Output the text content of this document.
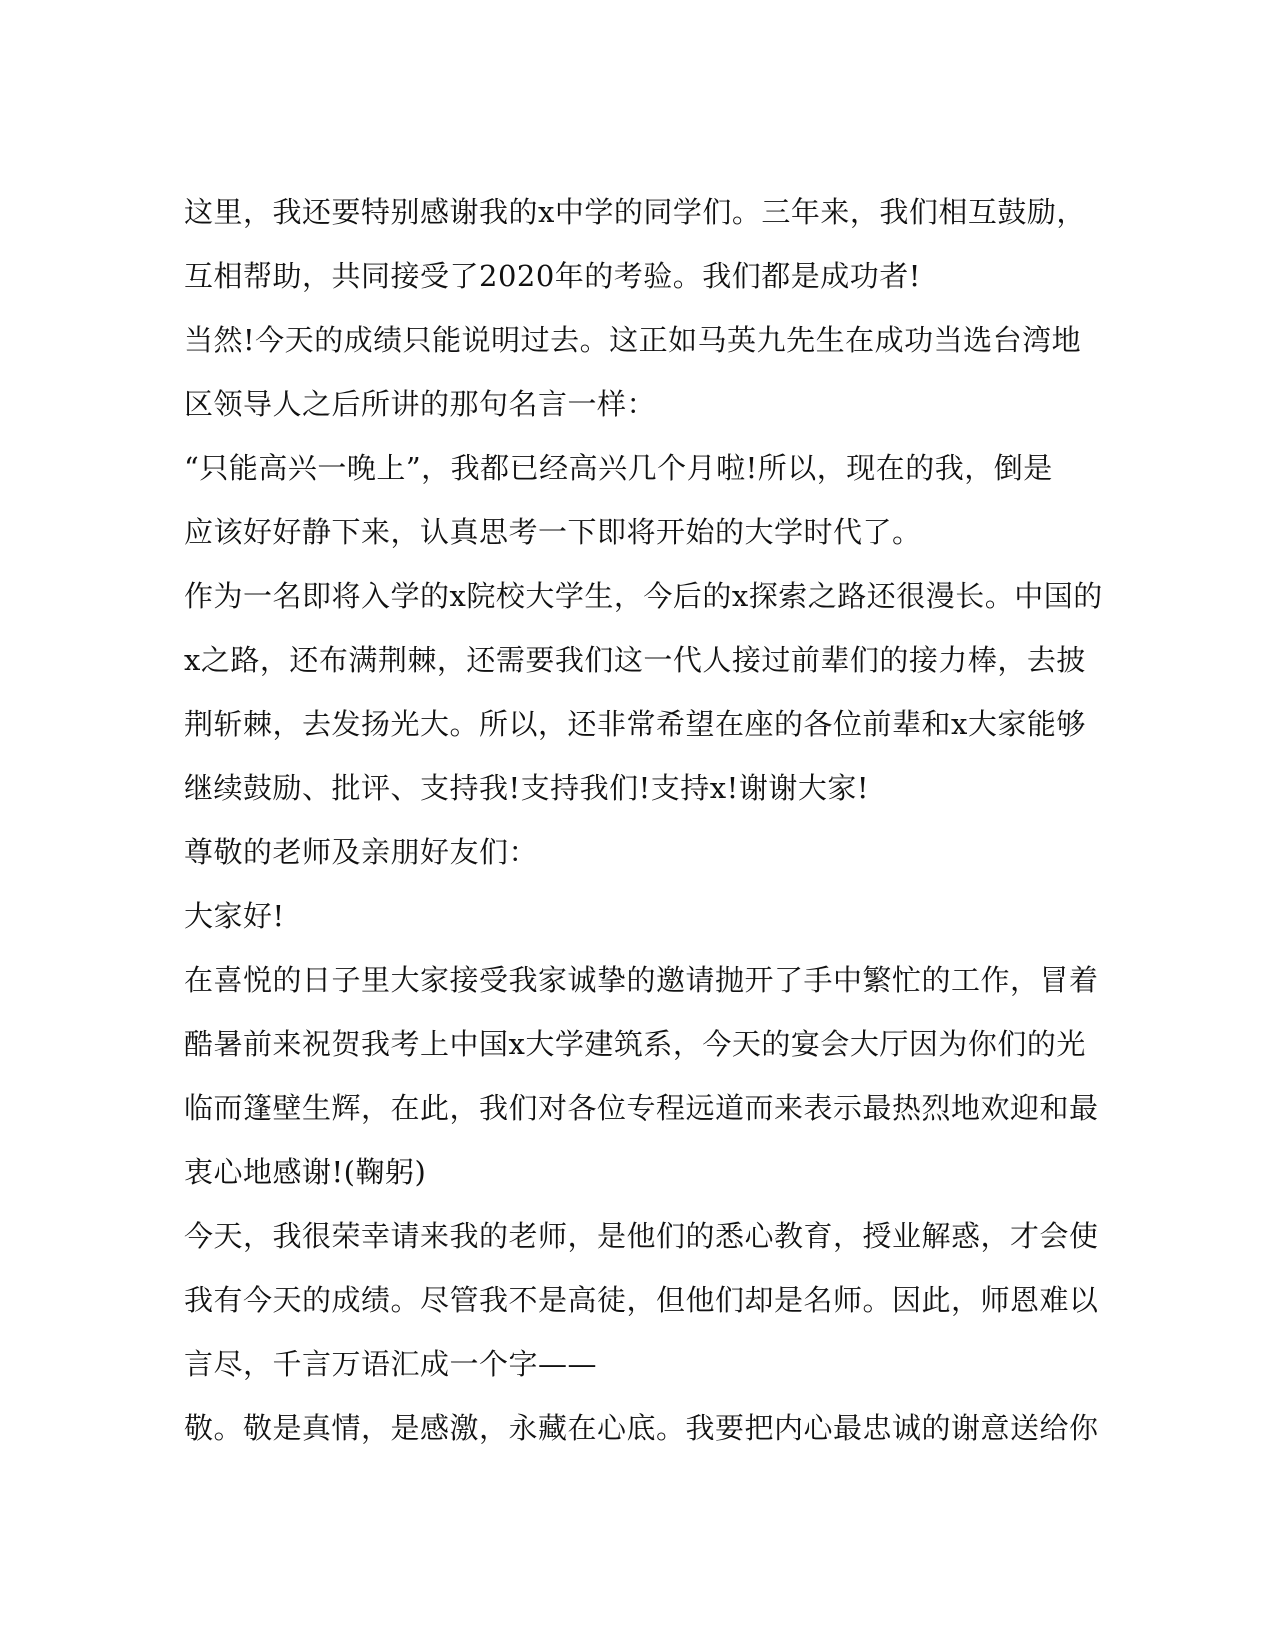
这里，我还要特别感谢我的x中学的同学们。三年来，我们相互鼓励，
互相帮助，共同接受了2020年的考验。我们都是成功者!
当然!今天的成绩只能说明过去。这正如马英九先生在成功当选台湾地
区领导人之后所讲的那句名言一样：
“只能高兴一晚上”，我都已经高兴几个月啦!所以，现在的我，倒是
应该好好静下来，认真思考一下即将开始的大学时代了。
作为一名即将入学的x院校大学生，今后的x探索之路还很漫长。中国的
x之路，还布满荆棘，还需要我们这一代人接过前辈们的接力棒，去披
荆斩棘，去发扬光大。所以，还非常希望在座的各位前辈和x大家能够
继续鼓励、批评、支持我!支持我们!支持x!谢谢大家!
尊敬的老师及亲朋好友们：
大家好!
在喜悦的日子里大家接受我家诚挚的邀请抛开了手中繁忙的工作，冒着
酷暑前来祝贺我考上中国x大学建筑系，今天的宴会大厅因为你们的光
临而篷壁生辉，在此，我们对各位专程远道而来表示最热烈地欢迎和最
衷心地感谢!(鞠躬)
今天，我很荣幸请来我的老师，是他们的悉心教育，授业解惑，才会使
我有今天的成绩。尽管我不是高徒，但他们却是名师。因此，师恩难以
言尽，千言万语汇成一个字——
敬。敬是真情，是感激，永藏在心底。我要把内心最忠诚的谢意送给你
